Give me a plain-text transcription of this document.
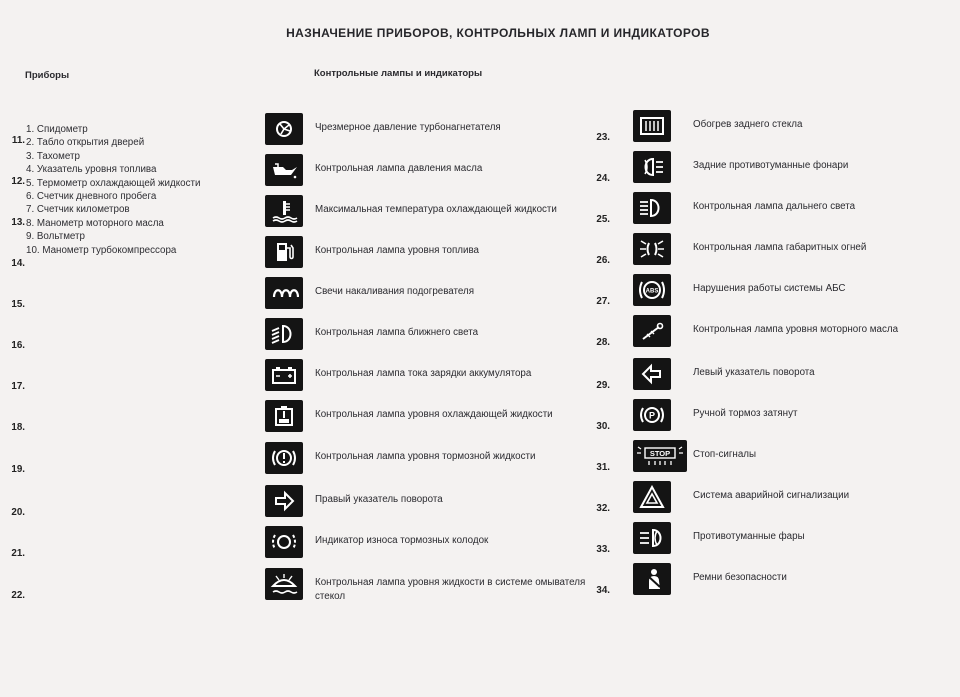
НАЗНАЧЕНИЕ ПРИБОРОВ, КОНТРОЛЬНЫХ ЛАМП И ИНДИКАТОРОВ
Приборы
1. Спидометр
2. Табло открытия дверей
3. Тахометр
4. Указатель уровня топлива
5. Термометр охлаждающей жидкости
6. Счетчик дневного пробега
7. Счетчик километров
8. Манометр моторного масла
9. Вольтметр
10. Манометр турбокомпрессора
Контрольные лампы и индикаторы
11.
Чрезмерное давление турбонагнетателя
12.
Контрольная лампа давления масла
13.
Максимальная температура охлаждающей жидкости
14.
Контрольная лампа уровня топлива
15.
Свечи накаливания подогревателя
16.
Контрольная лампа ближнего света
17.
Контрольная лампа тока зарядки аккумулятора
18.
Контрольная лампа уровня охлаждающей жидкости
19.
Контрольная лампа уровня тормозной жидкости
20.
Правый указатель поворота
21.
Индикатор износа тормозных колодок
22.
Контрольная лампа уровня жидкости в системе омывателя стекол
23.
Обогрев заднего стекла
24.
Задние противотуманные фонари
25.
Контрольная лампа дальнего света
26.
Контрольная лампа габаритных огней
27.
ABS	Нарушения работы системы АБС
28.
Контрольная лампа уровня моторного масла
29.
Левый указатель поворота
30.
P	Ручной тормоз затянут
31.
STOP Стоп-сигналы
32.
Система аварийной сигнализации
33.
Противотуманные фары
34.
Ремни безопасности
